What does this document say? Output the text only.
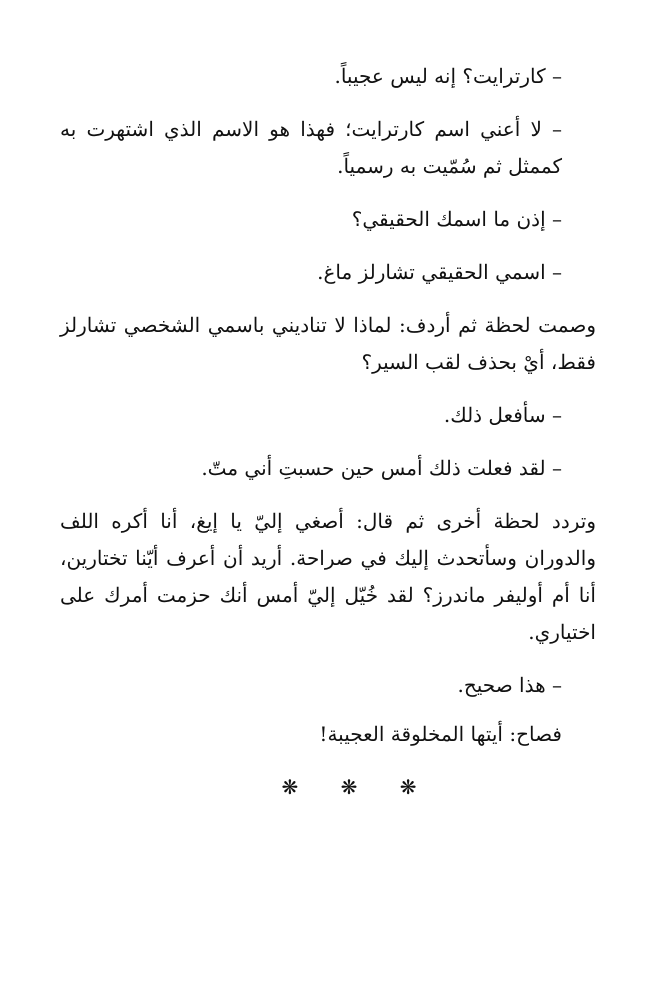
– كارترايت؟ إنه ليس عجيباً.

– لا أعني اسم كارترايت؛ فهذا هو الاسم الذي اشتهرت به كممثل ثم سُمّيت به رسمياً.

– إذن ما اسمك الحقيقي؟

– اسمي الحقيقي تشارلز ماغ.

وصمت لحظة ثم أردف: لماذا لا تناديني باسمي الشخصي تشارلز فقط، أيْ بحذف لقب السير؟

– سأفعل ذلك.

– لقد فعلت ذلك أمس حين حسبتِ أني متّ.

وتردد لحظة أخرى ثم قال: أصغي إليّ يا إيغ، أنا أكره اللف والدوران وسأتحدث إليك في صراحة. أريد أن أعرف أيّنا تختارين، أنا أم أوليفر ماندرز؟ لقد خُيّل إليّ أمس أنك حزمت أمرك على اختياري.

– هذا صحيح.

فصاح: أيتها المخلوقة العجيبة!

❋ ❋ ❋
